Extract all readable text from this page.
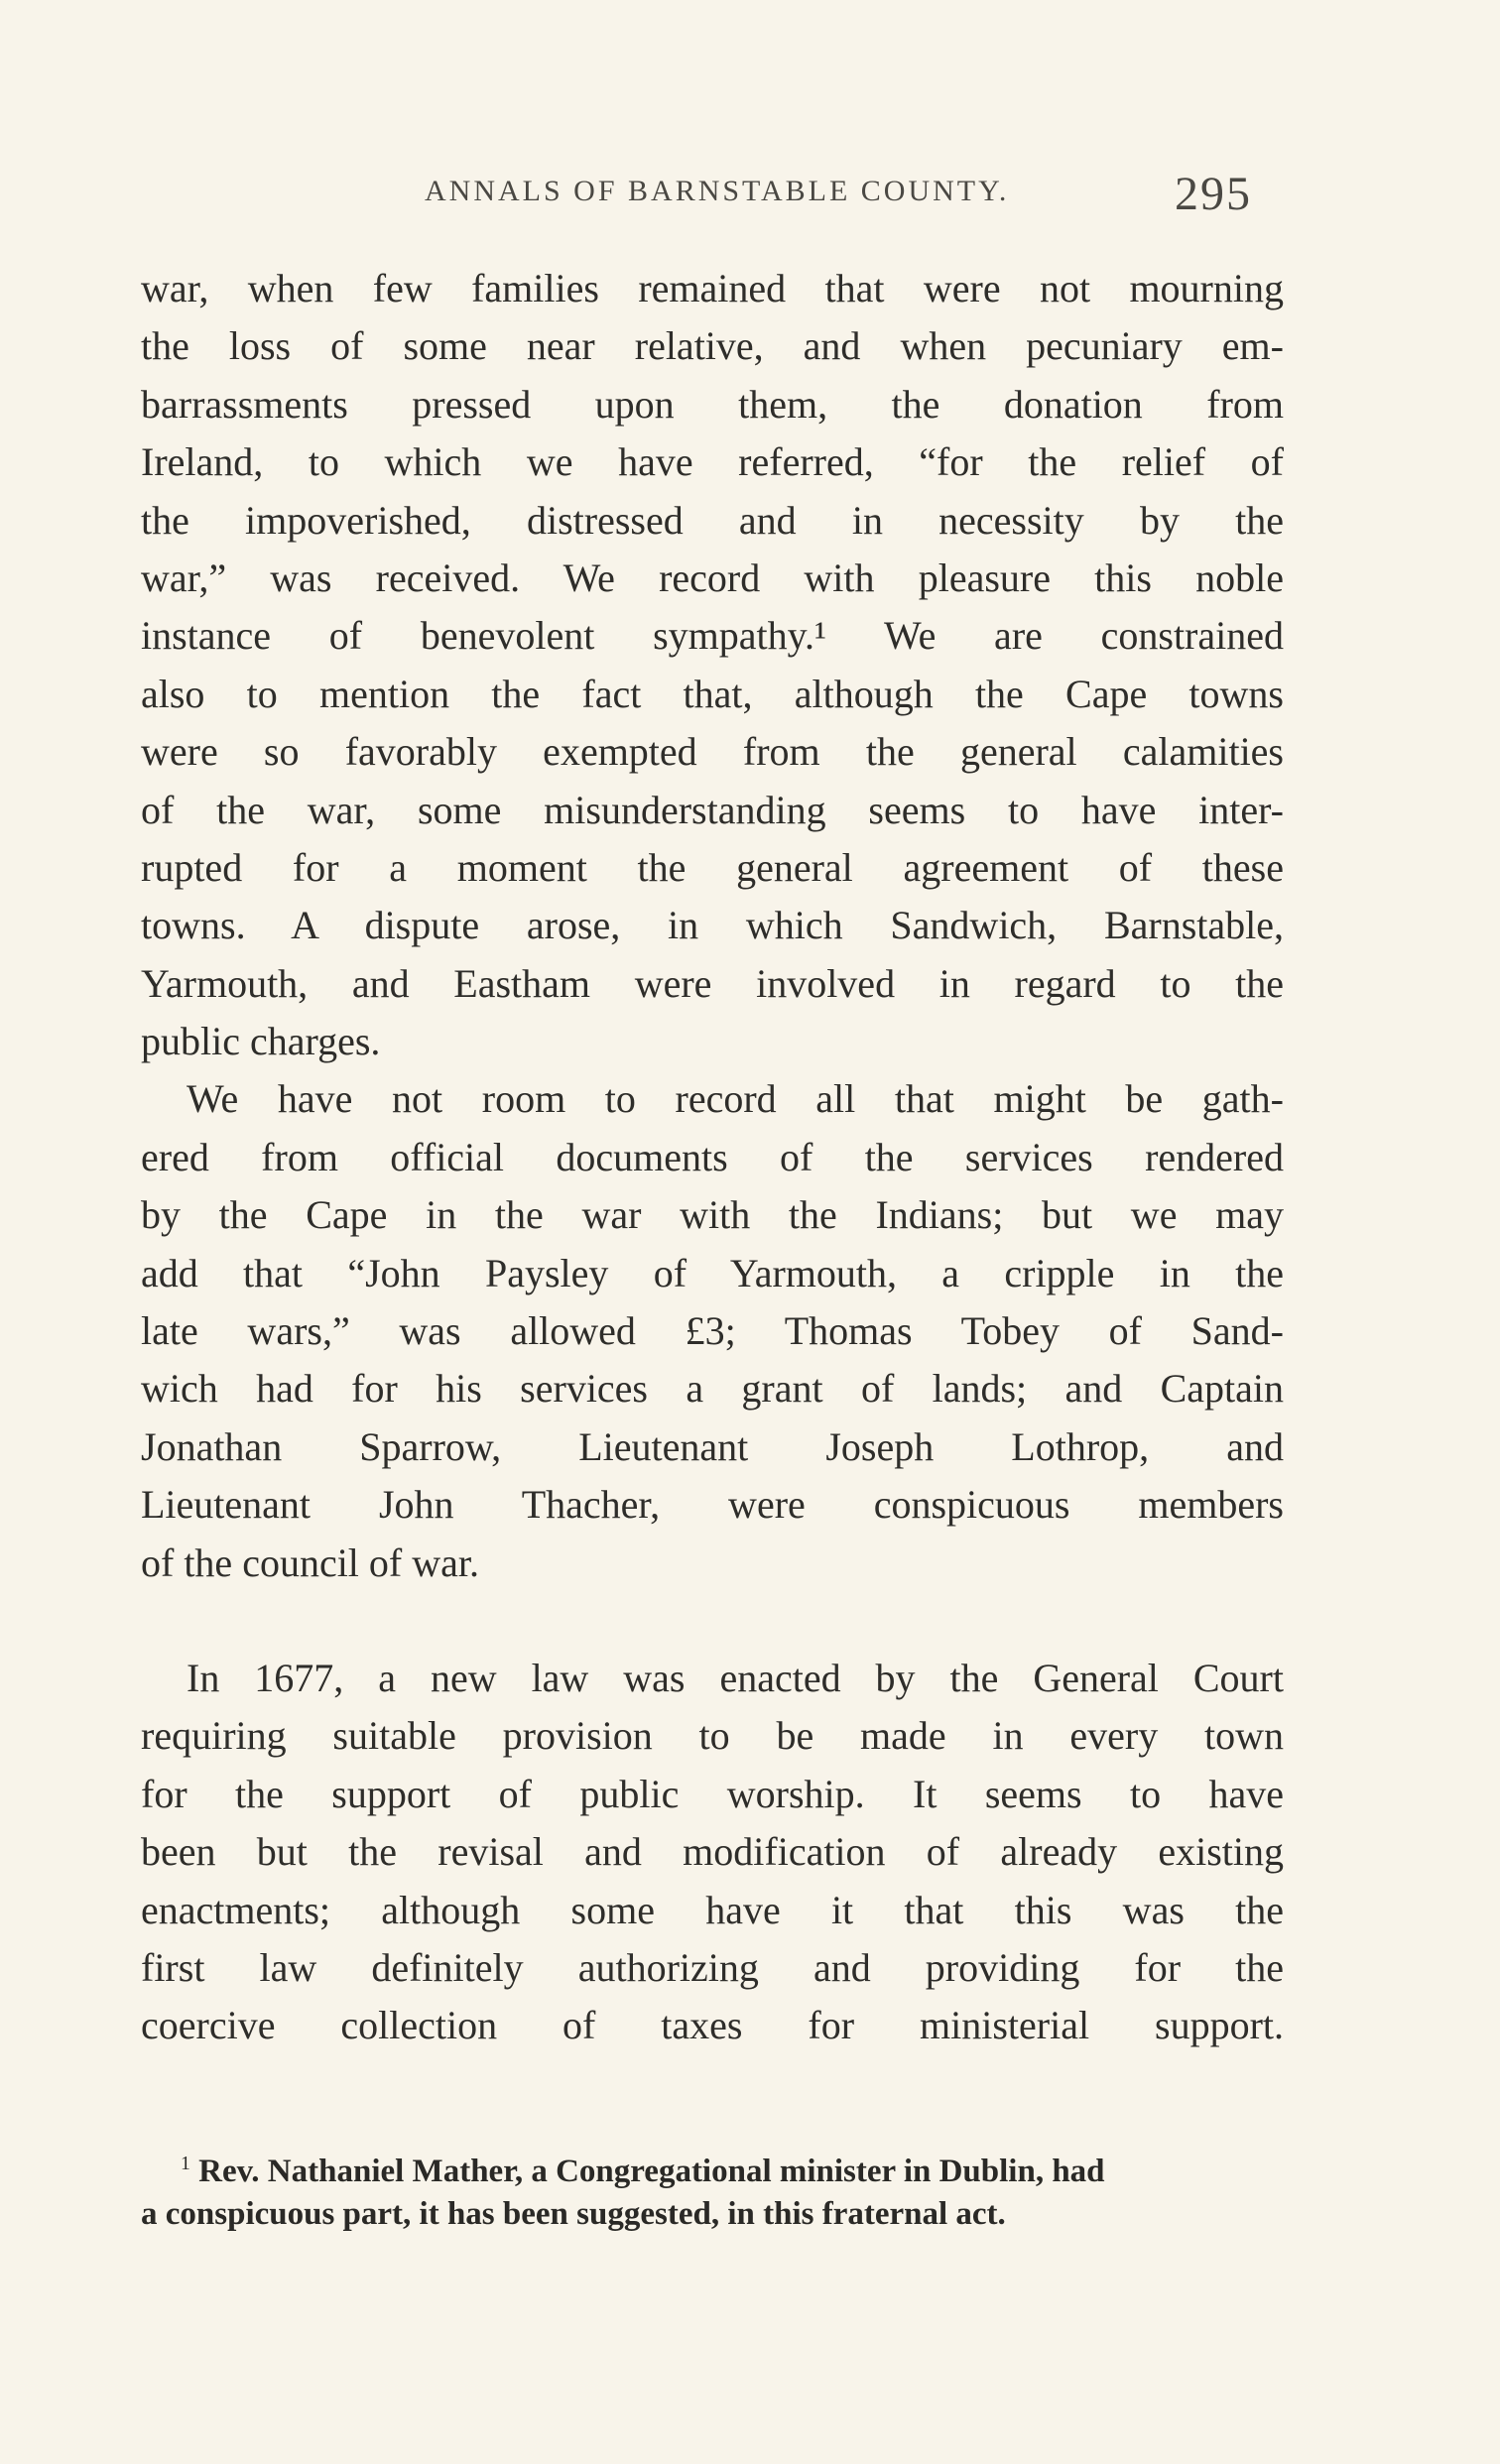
ANNALS OF BARNSTABLE COUNTY.	295
war, when few families remained that were not mourning
the loss of some near relative, and when pecuniary em-
barrassments pressed upon them, the donation from
Ireland, to which we have referred, “for the relief of
the impoverished, distressed and in necessity by the
war,” was received. We record with pleasure this noble
instance of benevolent sympathy.¹ We are constrained
also to mention the fact that, although the Cape towns
were so favorably exempted from the general calamities
of the war, some misunderstanding seems to have inter-
rupted for a moment the general agreement of these
towns. A dispute arose, in which Sandwich, Barnstable,
Yarmouth, and Eastham were involved in regard to the
public charges.
We have not room to record all that might be gath-
ered from official documents of the services rendered
by the Cape in the war with the Indians; but we may
add that “John Paysley of Yarmouth, a cripple in the
late wars,” was allowed £3; Thomas Tobey of Sand-
wich had for his services a grant of lands; and Captain
Jonathan Sparrow, Lieutenant Joseph Lothrop, and
Lieutenant John Thacher, were conspicuous members
of the council of war.
In 1677, a new law was enacted by the General Court
requiring suitable provision to be made in every town
for the support of public worship. It seems to have
been but the revisal and modification of already existing
enactments; although some have it that this was the
first law definitely authorizing and providing for the
coercive collection of taxes for ministerial support.
$^1$ Rev. Nathaniel Mather, a Congregational minister in Dublin, had
a conspicuous part, it has been suggested, in this fraternal act.
